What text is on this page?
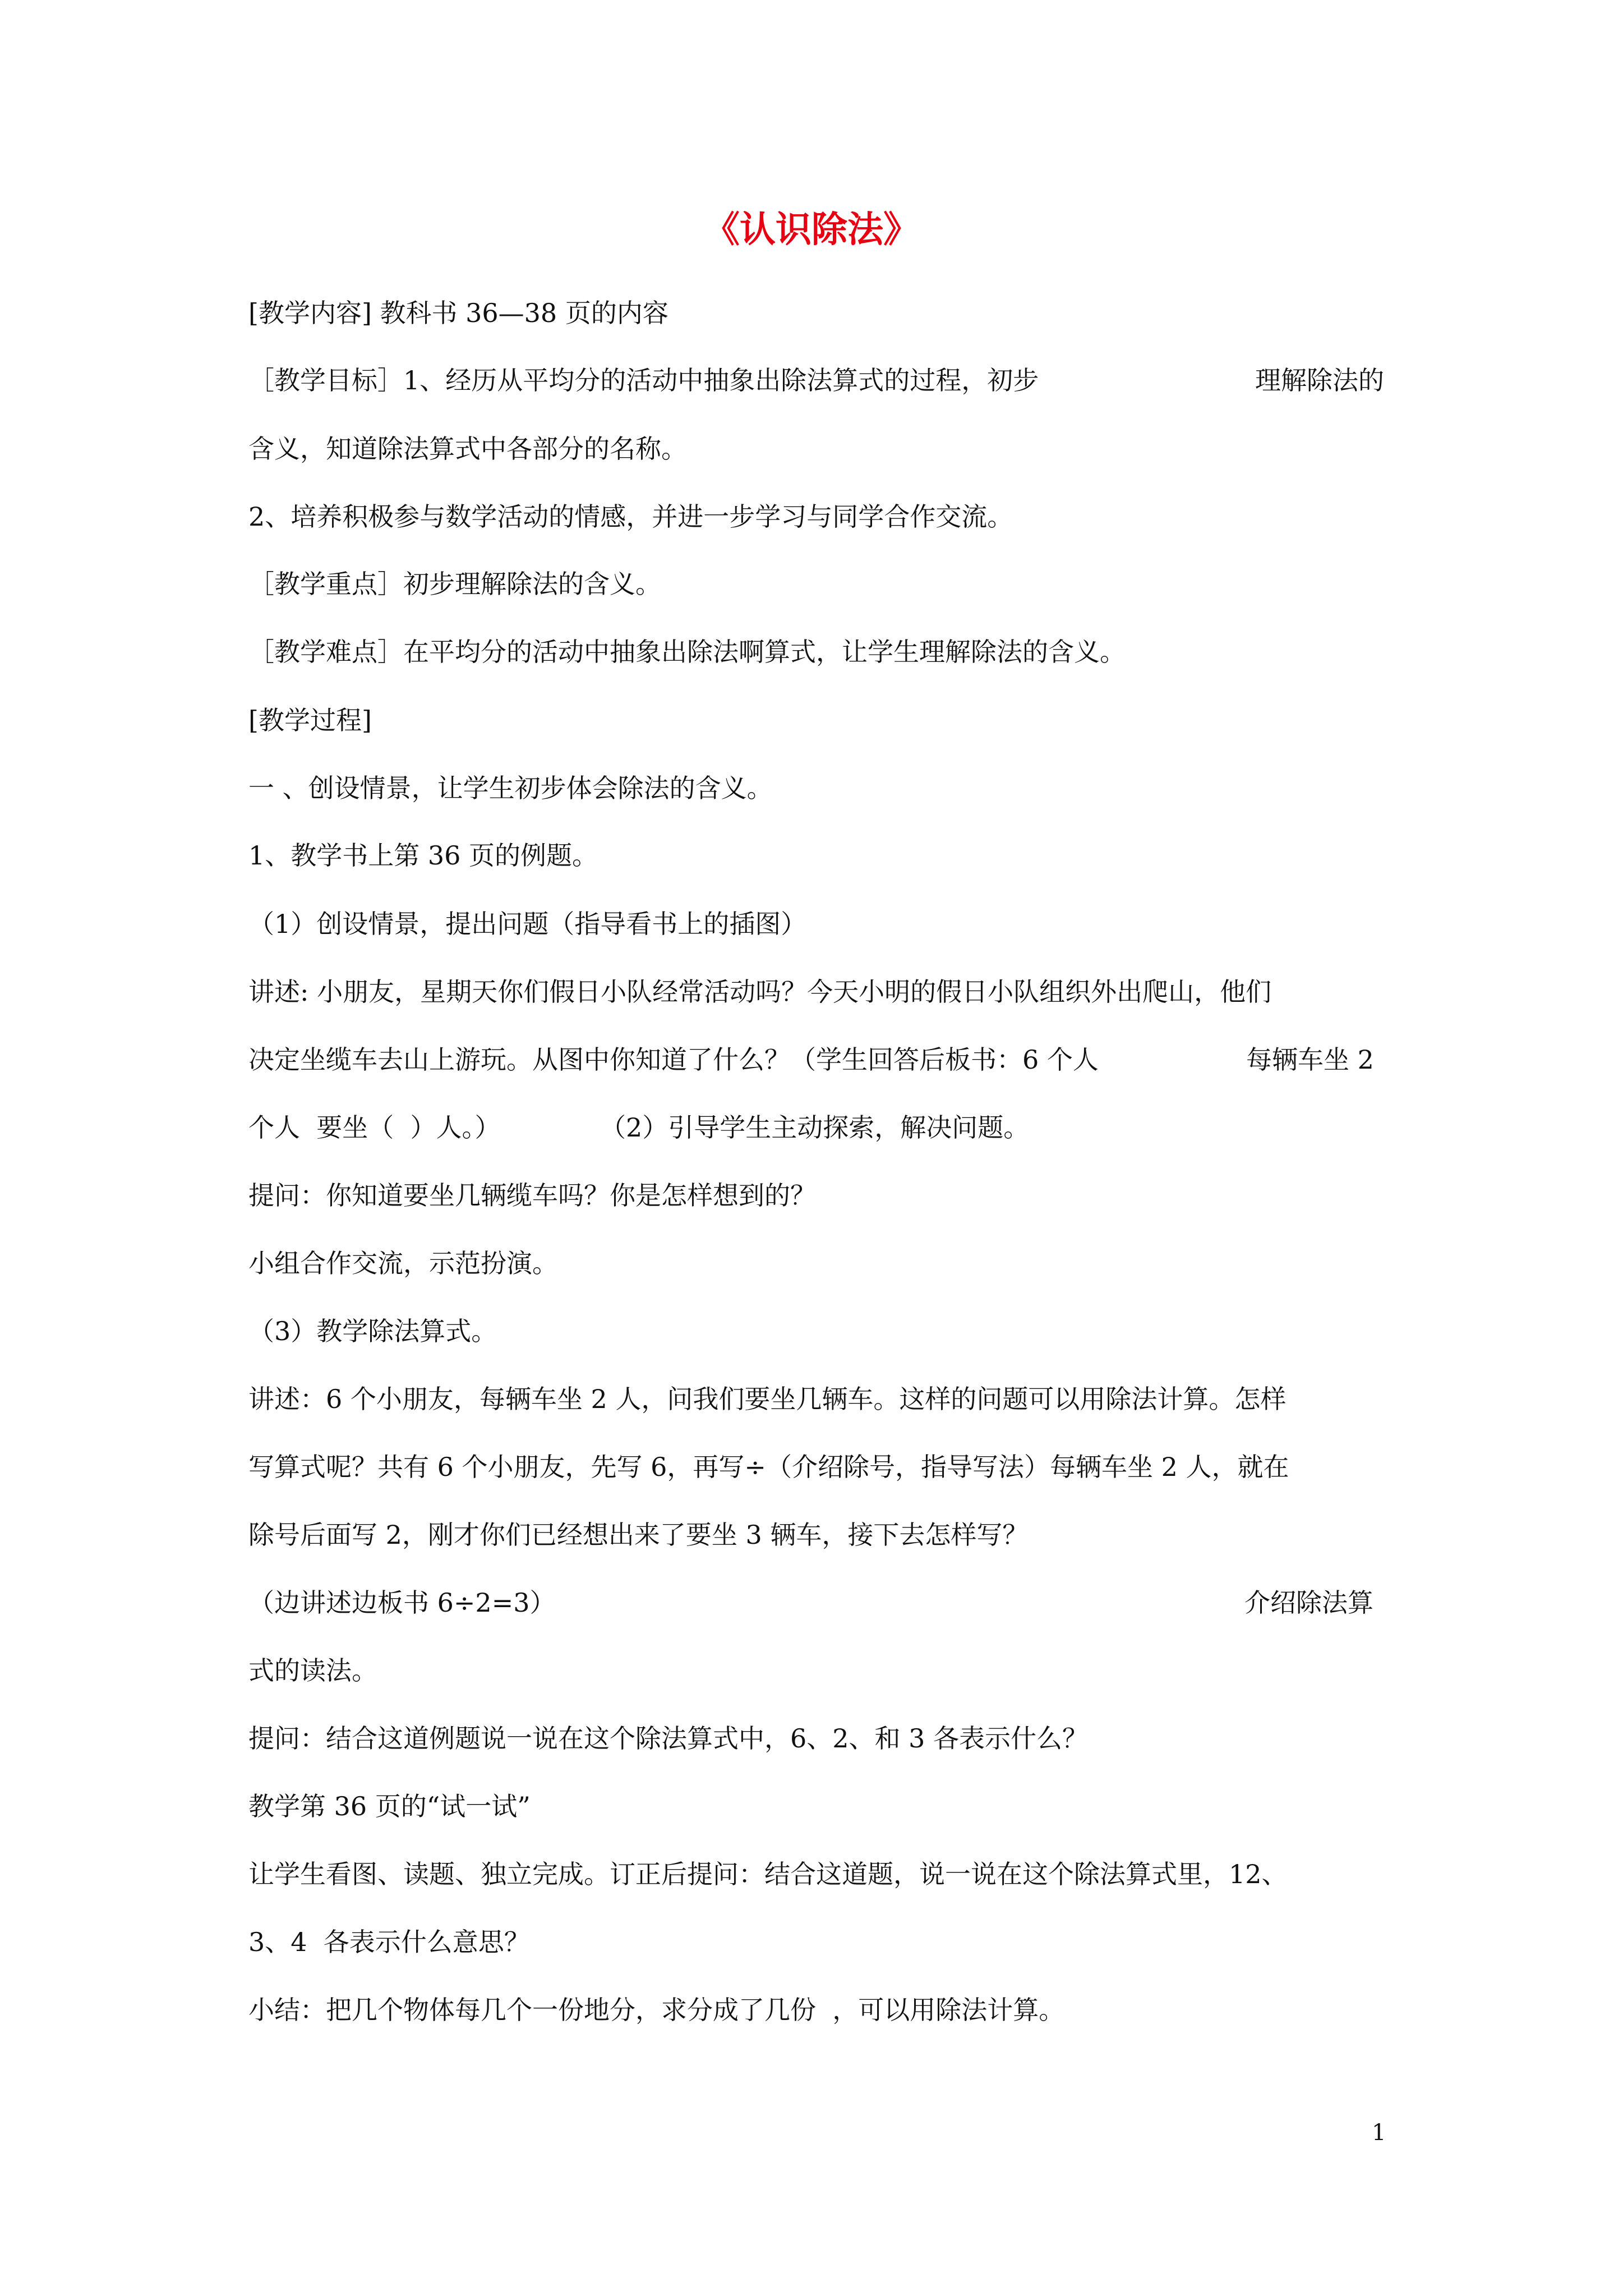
《认识除法》
[教学内容] 教科书 36—38 页的内容
［教学目标］1、经历从平均分的活动中抽象出除法算式的过程，初步	理解除法的
含义，知道除法算式中各部分的名称。
2、培养积极参与数学活动的情感，并进一步学习与同学合作交流。
［教学重点］初步理解除法的含义。
［教学难点］在平均分的活动中抽象出除法啊算式，让学生理解除法的含义。
[教学过程]
一 、创设情景，让学生初步体会除法的含义。
1、教学书上第 36 页的例题。
（1）创设情景，提出问题（指导看书上的插图）
讲述: 小朋友，星期天你们假日小队经常活动吗？今天小明的假日小队组织外出爬山，他们
决定坐缆车去山上游玩。从图中你知道了什么？（学生回答后板书：6 个人	每辆车坐 2
个人  要坐（  ）人。）	（2）引导学生主动探索，解决问题。
提问：你知道要坐几辆缆车吗？你是怎样想到的？
小组合作交流，示范扮演。
（3）教学除法算式。
讲述：6 个小朋友，每辆车坐 2 人，问我们要坐几辆车。这样的问题可以用除法计算。怎样
写算式呢？共有 6 个小朋友，先写 6，再写÷（介绍除号，指导写法）每辆车坐 2 人，就在
除号后面写 2，刚才你们已经想出来了要坐 3 辆车，接下去怎样写？
（边讲述边板书 6÷2=3）	介绍除法算
式的读法。
提问：结合这道例题说一说在这个除法算式中，6、2、和 3 各表示什么？
教学第 36 页的“试一试”
让学生看图、读题、独立完成。订正后提问：结合这道题，说一说在这个除法算式里，12、
3、4  各表示什么意思？
小结：把几个物体每几个一份地分，求分成了几份  ，可以用除法计算。
1
